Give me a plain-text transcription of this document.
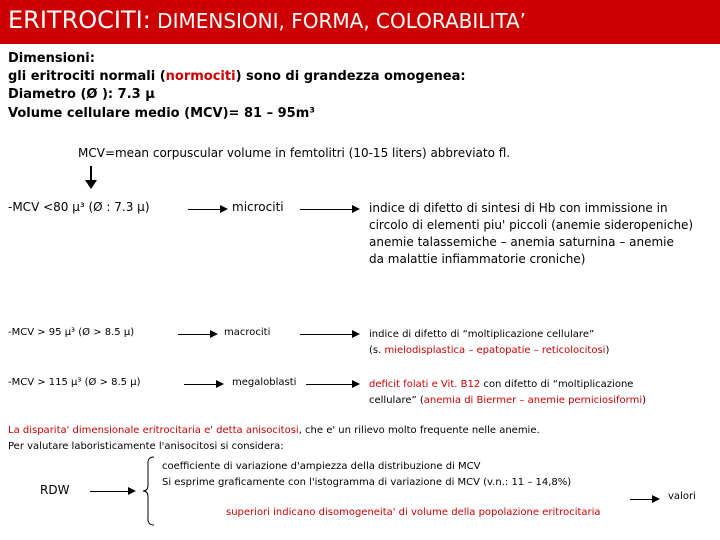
ERITROCITI: DIMENSIONI, FORMA, COLORABILITA’
Dimensioni:
gli eritrociti normali (normociti) sono di grandezza omogenea:
Diametro (Ø ): 7.3 µ
Volume cellulare medio (MCV)= 81 – 95m³
MCV=mean corpuscular volume in femtolitri (10-15 liters) abbreviato fl.
-MCV <80 µ³ (Ø : 7.3 µ)	microciti	indice di difetto di sintesi di Hb con immissione in
circolo di elementi piu' piccoli (anemie sideropeniche)
anemie talassemiche – anemia saturnina – anemie
da malattie infiammatorie croniche)
-MCV > 95 µ³ (Ø > 8.5 µ)	macrociti	indice di difetto di “moltiplicazione cellulare”
(s. mielodisplastica – epatopatie – reticolocitosi)
-MCV > 115 µ³ (Ø > 8.5 µ)	megaloblasti	deficit folati e Vit. B12 con difetto di “moltiplicazione
cellulare” (anemia di Biermer – anemie perniciosiformi)
La disparita' dimensionale eritrocitaria e' detta anisocitosi, che e' un rilievo molto frequente nelle anemie.
Per valutare laboristicamente l'anisocitosi si considera:
RDW
coefficiente di variazione d'ampiezza della distribuzione di MCV
Si esprime graficamente con l'istogramma di variazione di MCV (v.n.: 11 – 14,8%)
valori
superiori indicano disomogeneita' di volume della popolazione eritrocitaria
